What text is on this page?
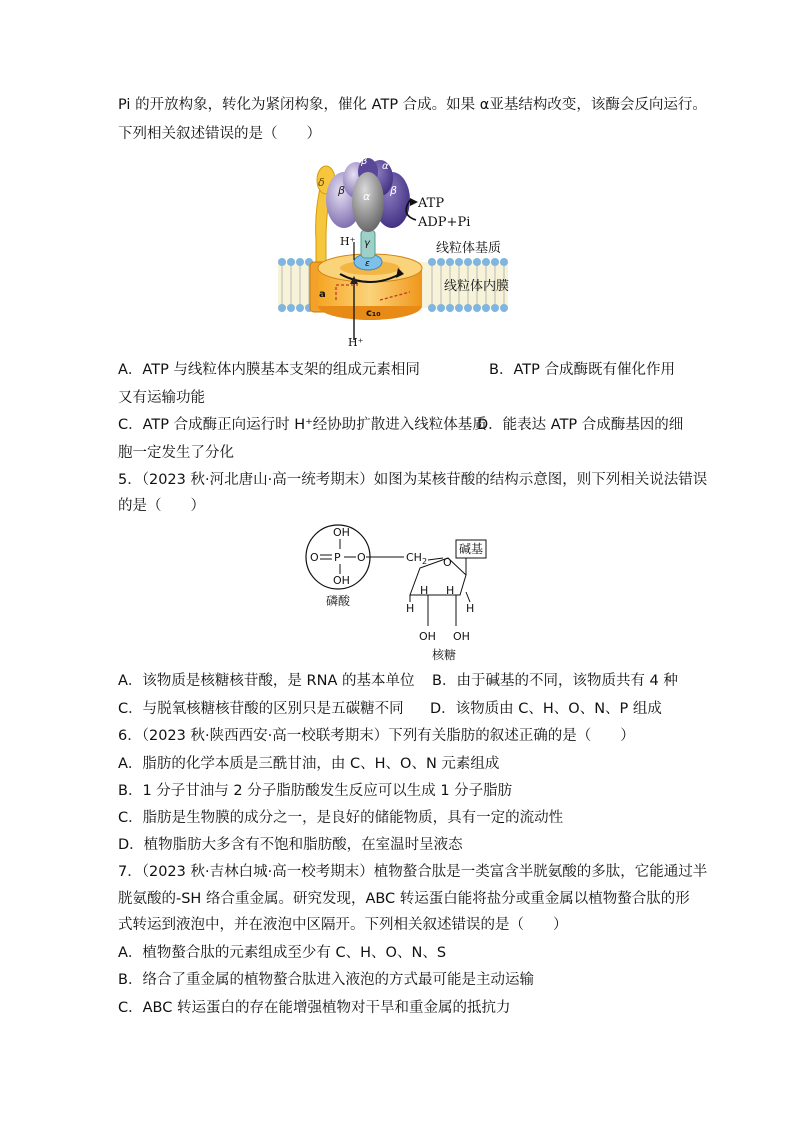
Pi 的开放构象，转化为紧闭构象，催化 ATP 合成。如果 α亚基结构改变，该酶会反向运行。
下列相关叙述错误的是（　　）
α β α
β α β
δ
γ
ε
a
c₁₀
H⁺
H⁺
ATP
ADP+Pi
线粒体基质
线粒体内膜
A．ATP 与线粒体内膜基本支架的组成元素相同	B．ATP 合成酶既有催化作用
又有运输功能
C．ATP 合成酶正向运行时 H⁺经协助扩散进入线粒体基质
D．能表达 ATP 合成酶基因的细
胞一定发生了分化
5．（2023 秋·河北唐山·高一统考期末）如图为某核苷酸的结构示意图，则下列相关说法错误
的是（　　）
OH
O P O
OH
磷酸
$CH_2$ O
碱基
H H
H	H
OH OH
核糖
A．该物质是核糖核苷酸，是 RNA 的基本单位 B．由于碱基的不同，该物质共有 4 种
C．与脱氧核糖核苷酸的区别只是五碳糖不同 D．该物质由 C、H、O、N、P 组成
6．（2023 秋·陕西西安·高一校联考期末）下列有关脂肪的叙述正确的是（　　）
A．脂肪的化学本质是三酰甘油，由 C、H、O、N 元素组成
B．1 分子甘油与 2 分子脂肪酸发生反应可以生成 1 分子脂肪
C．脂肪是生物膜的成分之一，是良好的储能物质，具有一定的流动性
D．植物脂肪大多含有不饱和脂肪酸，在室温时呈液态
7．（2023 秋·吉林白城·高一校考期末）植物螯合肽是一类富含半胱氨酸的多肽，它能通过半
胱氨酸的-SH 络合重金属。研究发现，ABC 转运蛋白能将盐分或重金属以植物螯合肽的形
式转运到液泡中，并在液泡中区隔开。下列相关叙述错误的是（　　）
A．植物螯合肽的元素组成至少有 C、H、O、N、S
B．络合了重金属的植物螯合肽进入液泡的方式最可能是主动运输
C．ABC 转运蛋白的存在能增强植物对干旱和重金属的抵抗力
